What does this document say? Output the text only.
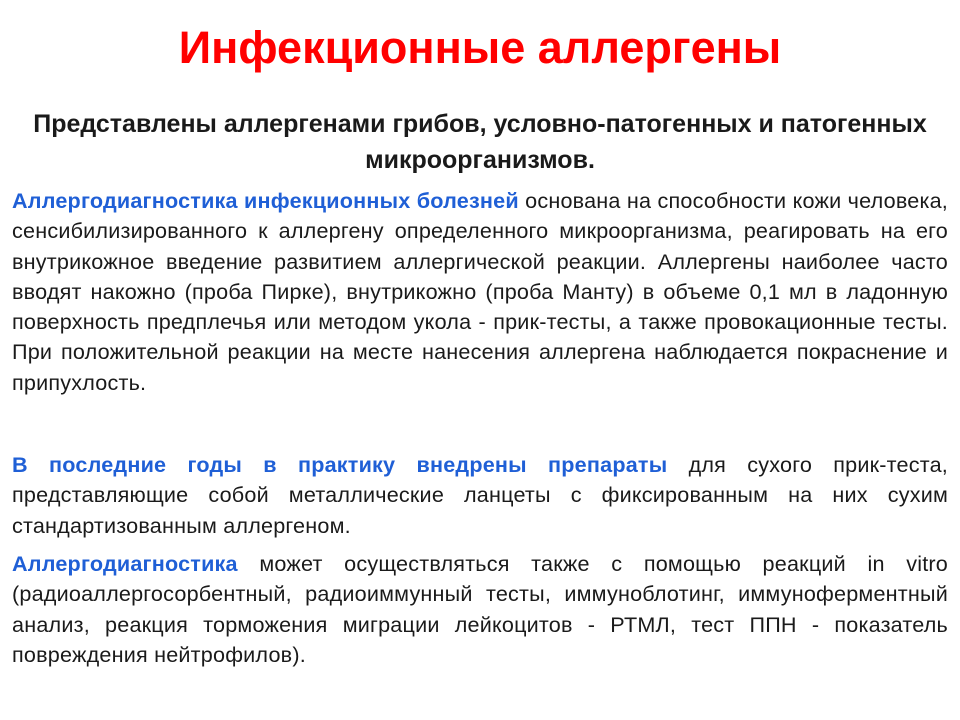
Инфекционные аллергены

Представлены аллергенами грибов, условно-патогенных и патогенных микроорганизмов.

Аллергодиагностика инфекционных болезней основана на способности кожи человека, сенсибилизированного к аллергену определенного микроорганизма, реагировать на его внутрикожное введение развитием аллергической реакции. Аллергены наиболее часто вводят накожно (проба Пирке), внутрикожно (проба Манту) в объеме 0,1 мл в ладонную поверхность предплечья или методом укола - прик-тесты, а также провокационные тесты. При положительной реакции на месте нанесения аллергена наблюдается покраснение и припухлость.

В последние годы в практику внедрены препараты для сухого прик-теста, представляющие собой металлические ланцеты с фиксированным на них сухим стандартизованным аллергеном.

Аллергодиагностика может осуществляться также с помощью реакций in vitro (радиоаллергосорбентный, радиоиммунный тесты, иммуноблотинг, иммуноферментный анализ, реакция торможения миграции лейкоцитов - РТМЛ, тест ППН - показатель повреждения нейтрофилов).
